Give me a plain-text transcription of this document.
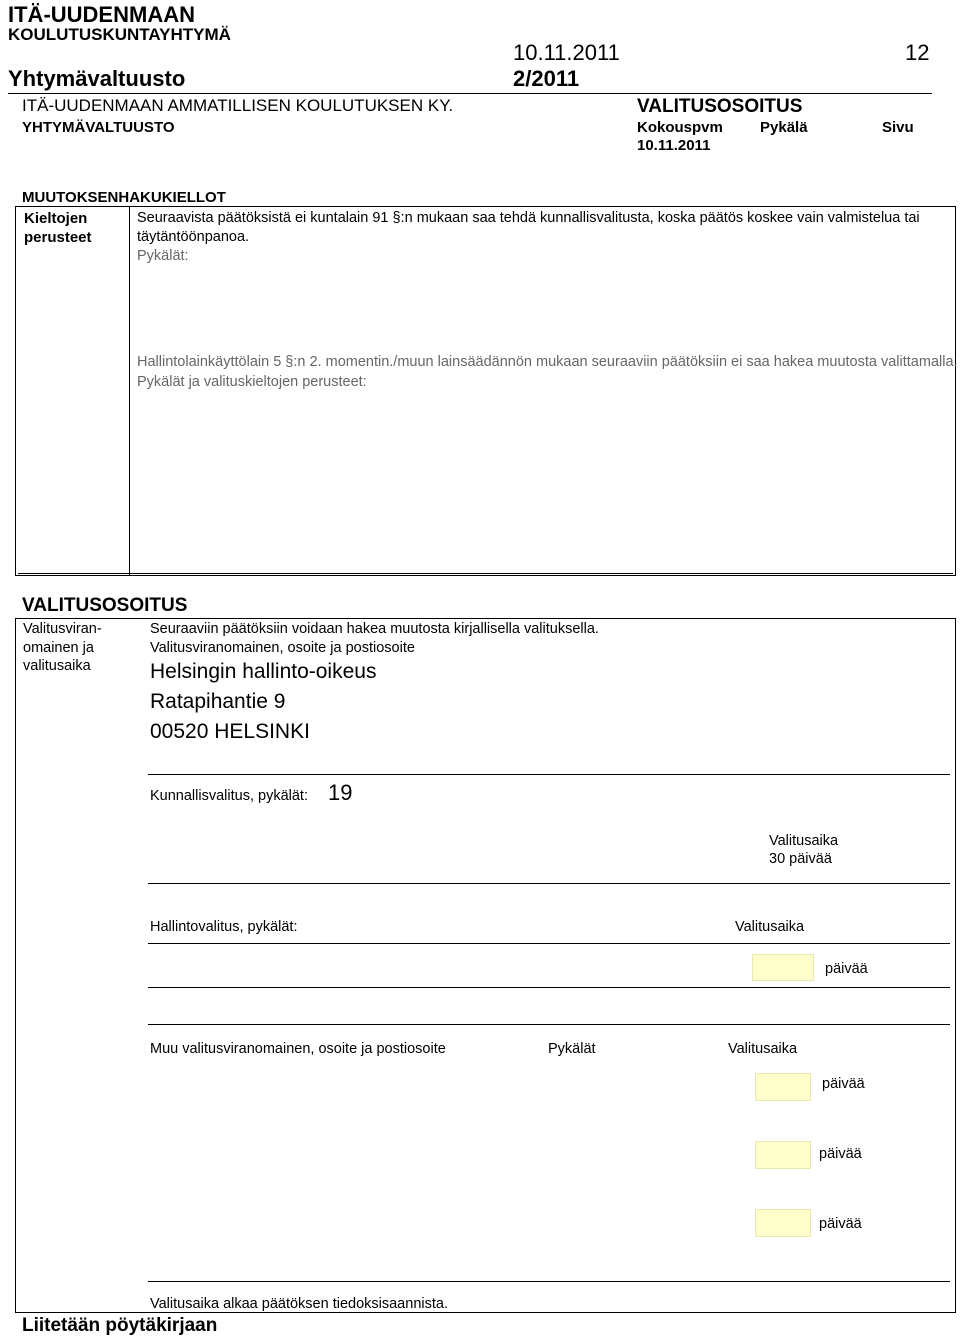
ITÄ-UUDENMAAN
KOULUTUSKUNTAYHTYMÄ
10.11.2011	12
Yhtymävaltuusto	2/2011
ITÄ-UUDENMAAN AMMATILLISEN KOULUTUKSEN KY.	VALITUSOSOITUS
YHTYMÄVALTUUSTO	Kokouspvm Pykälä	Sivu
10.11.2011
MUUTOKSENHAKUKIELLOT
Kieltojen
perusteet
Seuraavista päätöksistä ei kuntalain 91 §:n mukaan saa tehdä kunnallisvalitusta, koska päätös koskee vain valmistelua tai
täytäntöönpanoa.
Pykälät:
Hallintolainkäyttölain 5 §:n 2. momentin./muun lainsäädännön mukaan seuraaviin päätöksiin ei saa hakea muutosta valittamalla.
Pykälät ja valituskieltojen perusteet:
VALITUSOSOITUS
Valitusviran-
omainen ja
valitusaika
Seuraaviin päätöksiin voidaan hakea muutosta kirjallisella valituksella.
Valitusviranomainen, osoite ja postiosoite
Helsingin hallinto-oikeus
Ratapihantie 9
00520 HELSINKI
Kunnallisvalitus, pykälät: 19
Valitusaika
30 päivää
Hallintovalitus, pykälät:	Valitusaika
päivää
Muu valitusviranomainen, osoite ja postiosoite	Pykälät	Valitusaika
päivää
päivää
päivää
Valitusaika alkaa päätöksen tiedoksisaannista.
Liitetään pöytäkirjaan
